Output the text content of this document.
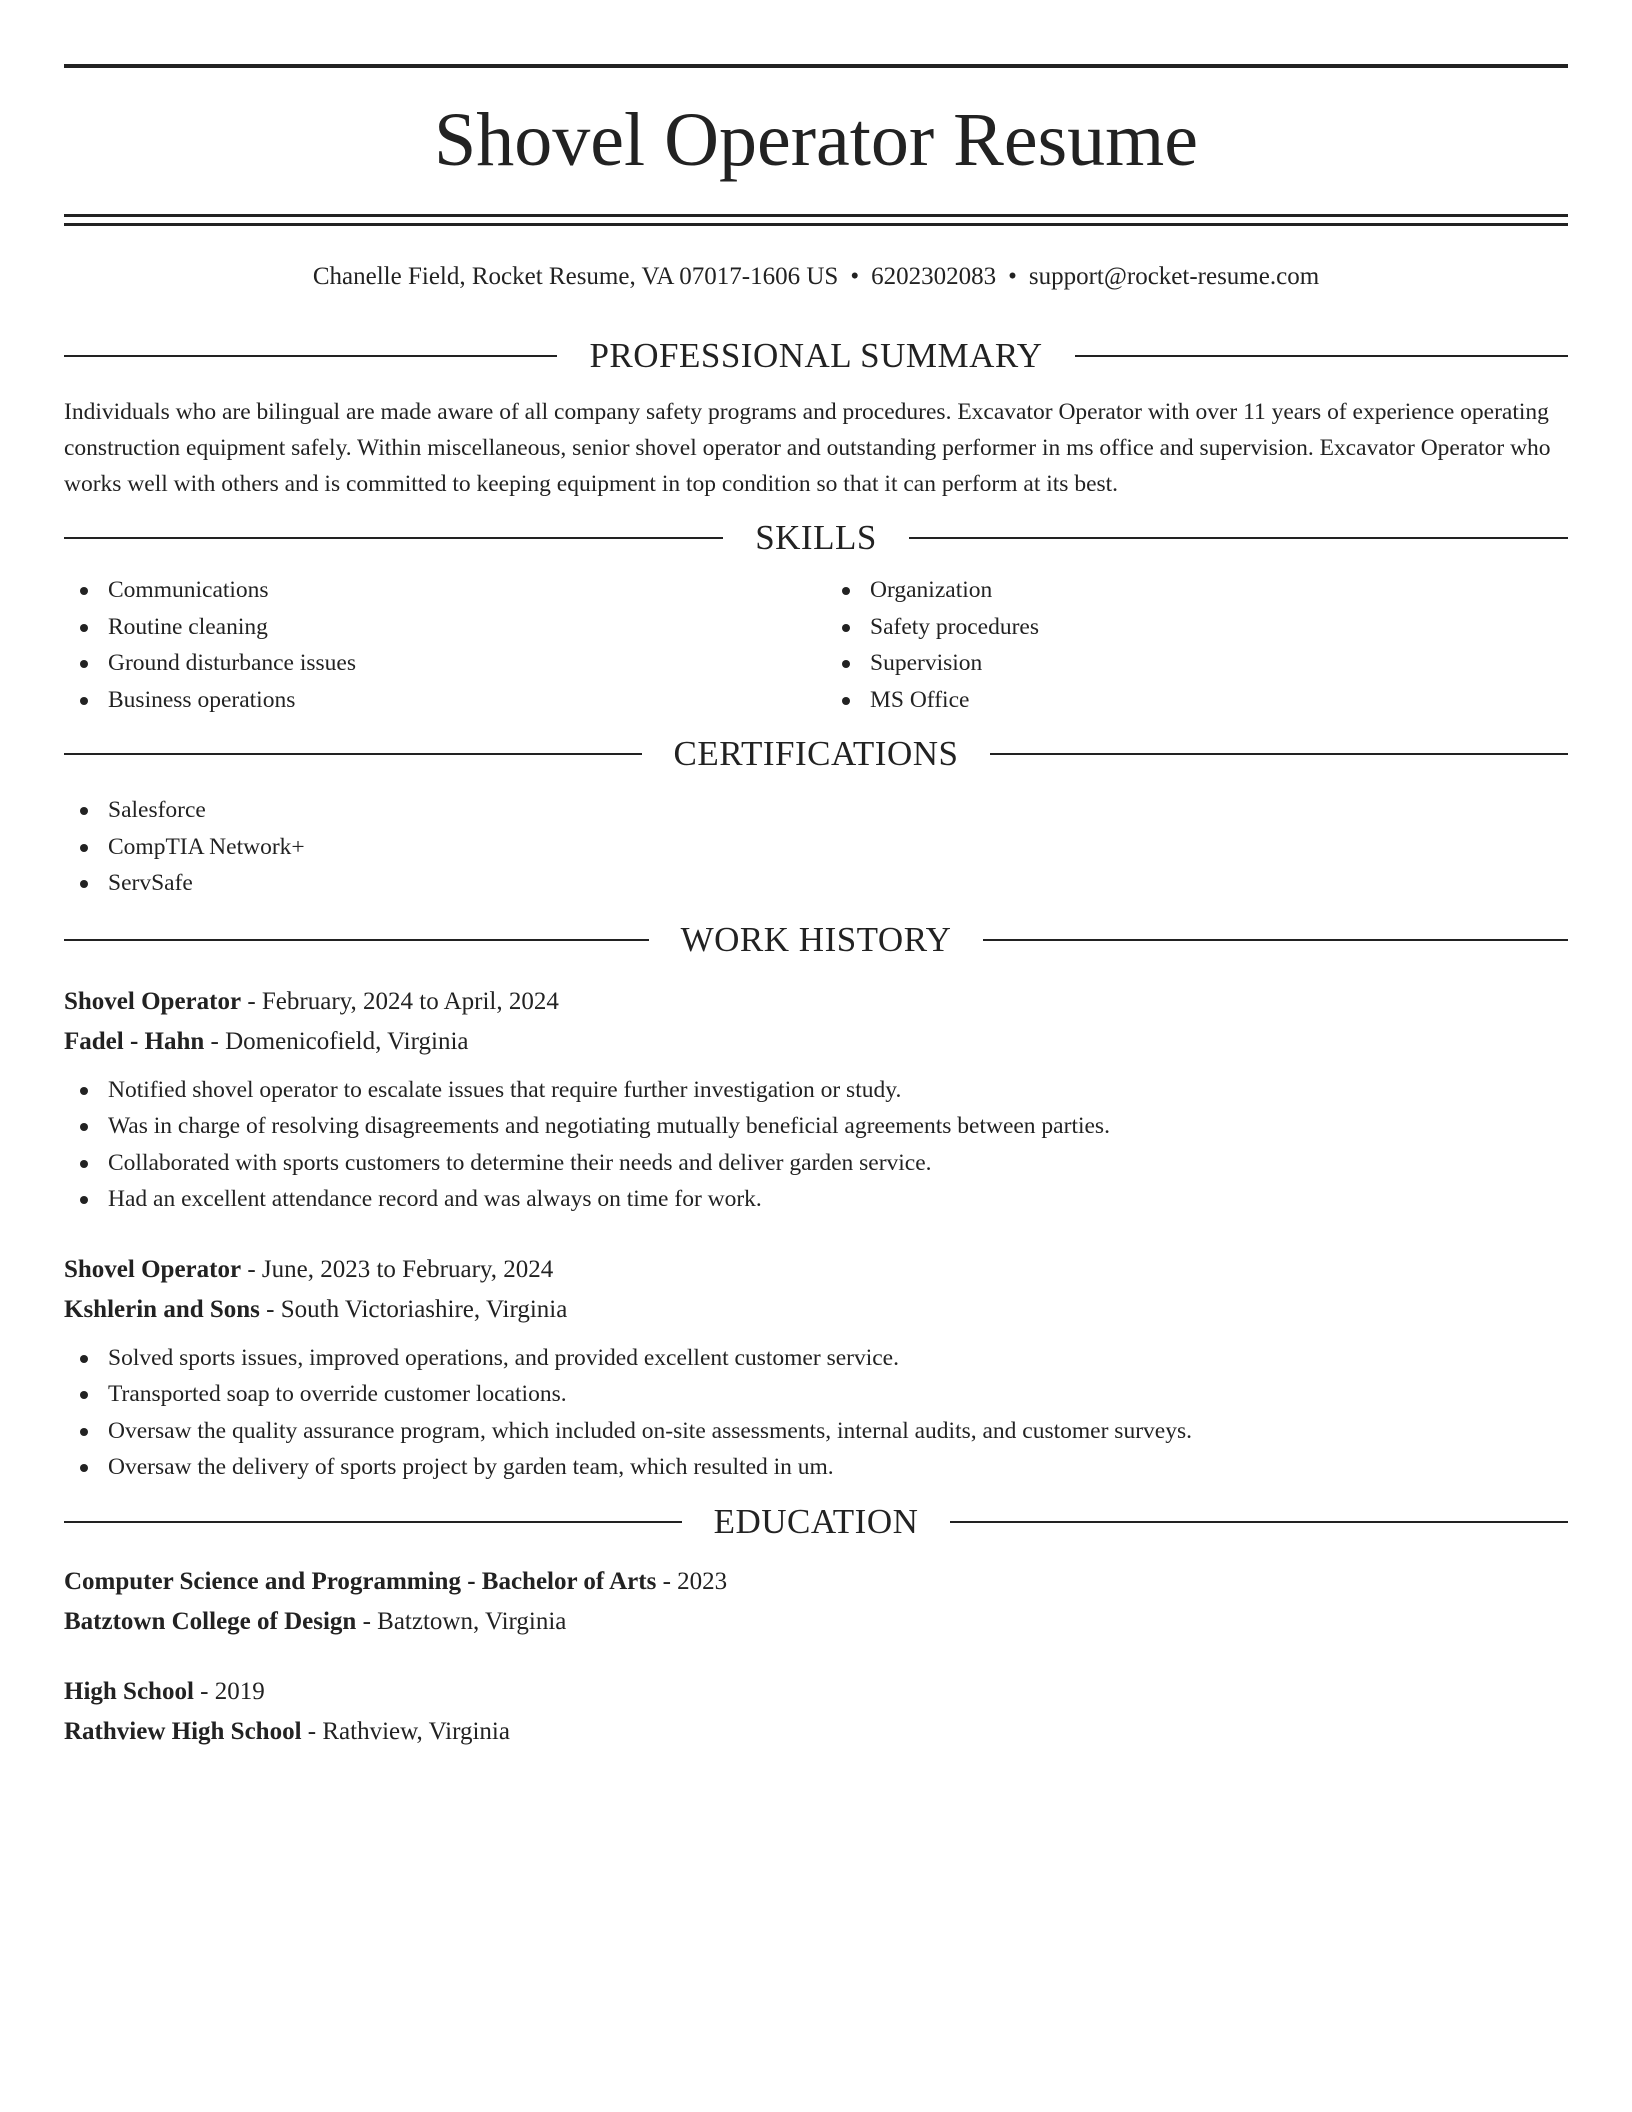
Shovel Operator Resume
Chanelle Field, Rocket Resume, VA 07017-1606 US • 6202302083 • support@rocket-resume.com
PROFESSIONAL SUMMARY
Individuals who are bilingual are made aware of all company safety programs and procedures. Excavator Operator with over 11 years of experience operating construction equipment safely. Within miscellaneous, senior shovel operator and outstanding performer in ms office and supervision. Excavator Operator who works well with others and is committed to keeping equipment in top condition so that it can perform at its best.
SKILLS
Communications
Routine cleaning
Ground disturbance issues
Business operations
Organization
Safety procedures
Supervision
MS Office
CERTIFICATIONS
Salesforce
CompTIA Network+
ServSafe
WORK HISTORY
Shovel Operator - February, 2024 to April, 2024
Fadel - Hahn - Domenicofield, Virginia
Notified shovel operator to escalate issues that require further investigation or study.
Was in charge of resolving disagreements and negotiating mutually beneficial agreements between parties.
Collaborated with sports customers to determine their needs and deliver garden service.
Had an excellent attendance record and was always on time for work.
Shovel Operator - June, 2023 to February, 2024
Kshlerin and Sons - South Victoriashire, Virginia
Solved sports issues, improved operations, and provided excellent customer service.
Transported soap to override customer locations.
Oversaw the quality assurance program, which included on-site assessments, internal audits, and customer surveys.
Oversaw the delivery of sports project by garden team, which resulted in um.
EDUCATION
Computer Science and Programming - Bachelor of Arts - 2023
Batztown College of Design - Batztown, Virginia
High School - 2019
Rathview High School - Rathview, Virginia
